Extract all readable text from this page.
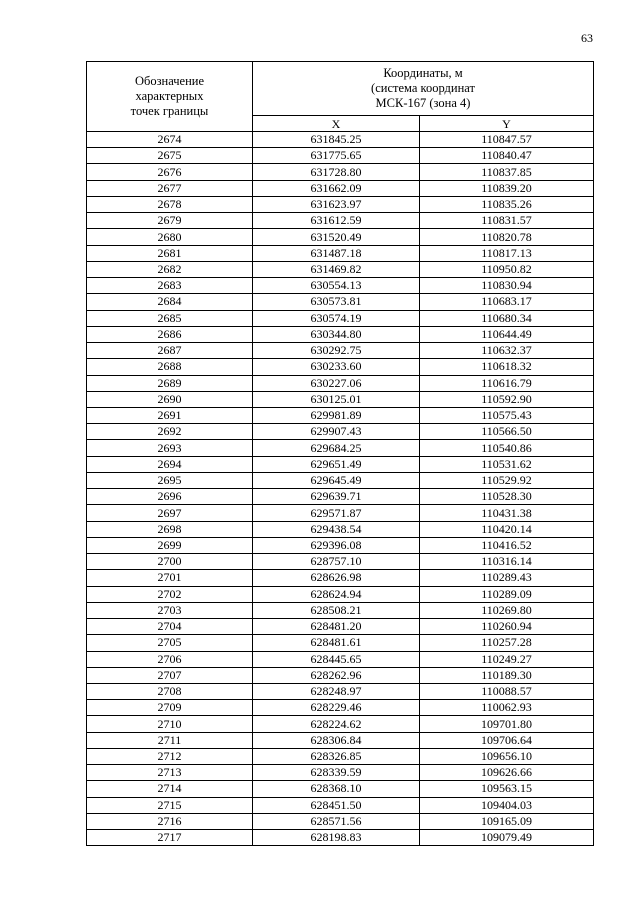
63
Обозначение
характерных
точек границы	Координаты, м
(система координат
МСК-167 (зона 4)	
	X	Y
2674	631845.25	110847.57
2675	631775.65	110840.47
2676	631728.80	110837.85
2677	631662.09	110839.20
2678	631623.97	110835.26
2679	631612.59	110831.57
2680	631520.49	110820.78
2681	631487.18	110817.13
2682	631469.82	110950.82
2683	630554.13	110830.94
2684	630573.81	110683.17
2685	630574.19	110680.34
2686	630344.80	110644.49
2687	630292.75	110632.37
2688	630233.60	110618.32
2689	630227.06	110616.79
2690	630125.01	110592.90
2691	629981.89	110575.43
2692	629907.43	110566.50
2693	629684.25	110540.86
2694	629651.49	110531.62
2695	629645.49	110529.92
2696	629639.71	110528.30
2697	629571.87	110431.38
2698	629438.54	110420.14
2699	629396.08	110416.52
2700	628757.10	110316.14
2701	628626.98	110289.43
2702	628624.94	110289.09
2703	628508.21	110269.80
2704	628481.20	110260.94
2705	628481.61	110257.28
2706	628445.65	110249.27
2707	628262.96	110189.30
2708	628248.97	110088.57
2709	628229.46	110062.93
2710	628224.62	109701.80
2711	628306.84	109706.64
2712	628326.85	109656.10
2713	628339.59	109626.66
2714	628368.10	109563.15
2715	628451.50	109404.03
2716	628571.56	109165.09
2717	628198.83	109079.49
